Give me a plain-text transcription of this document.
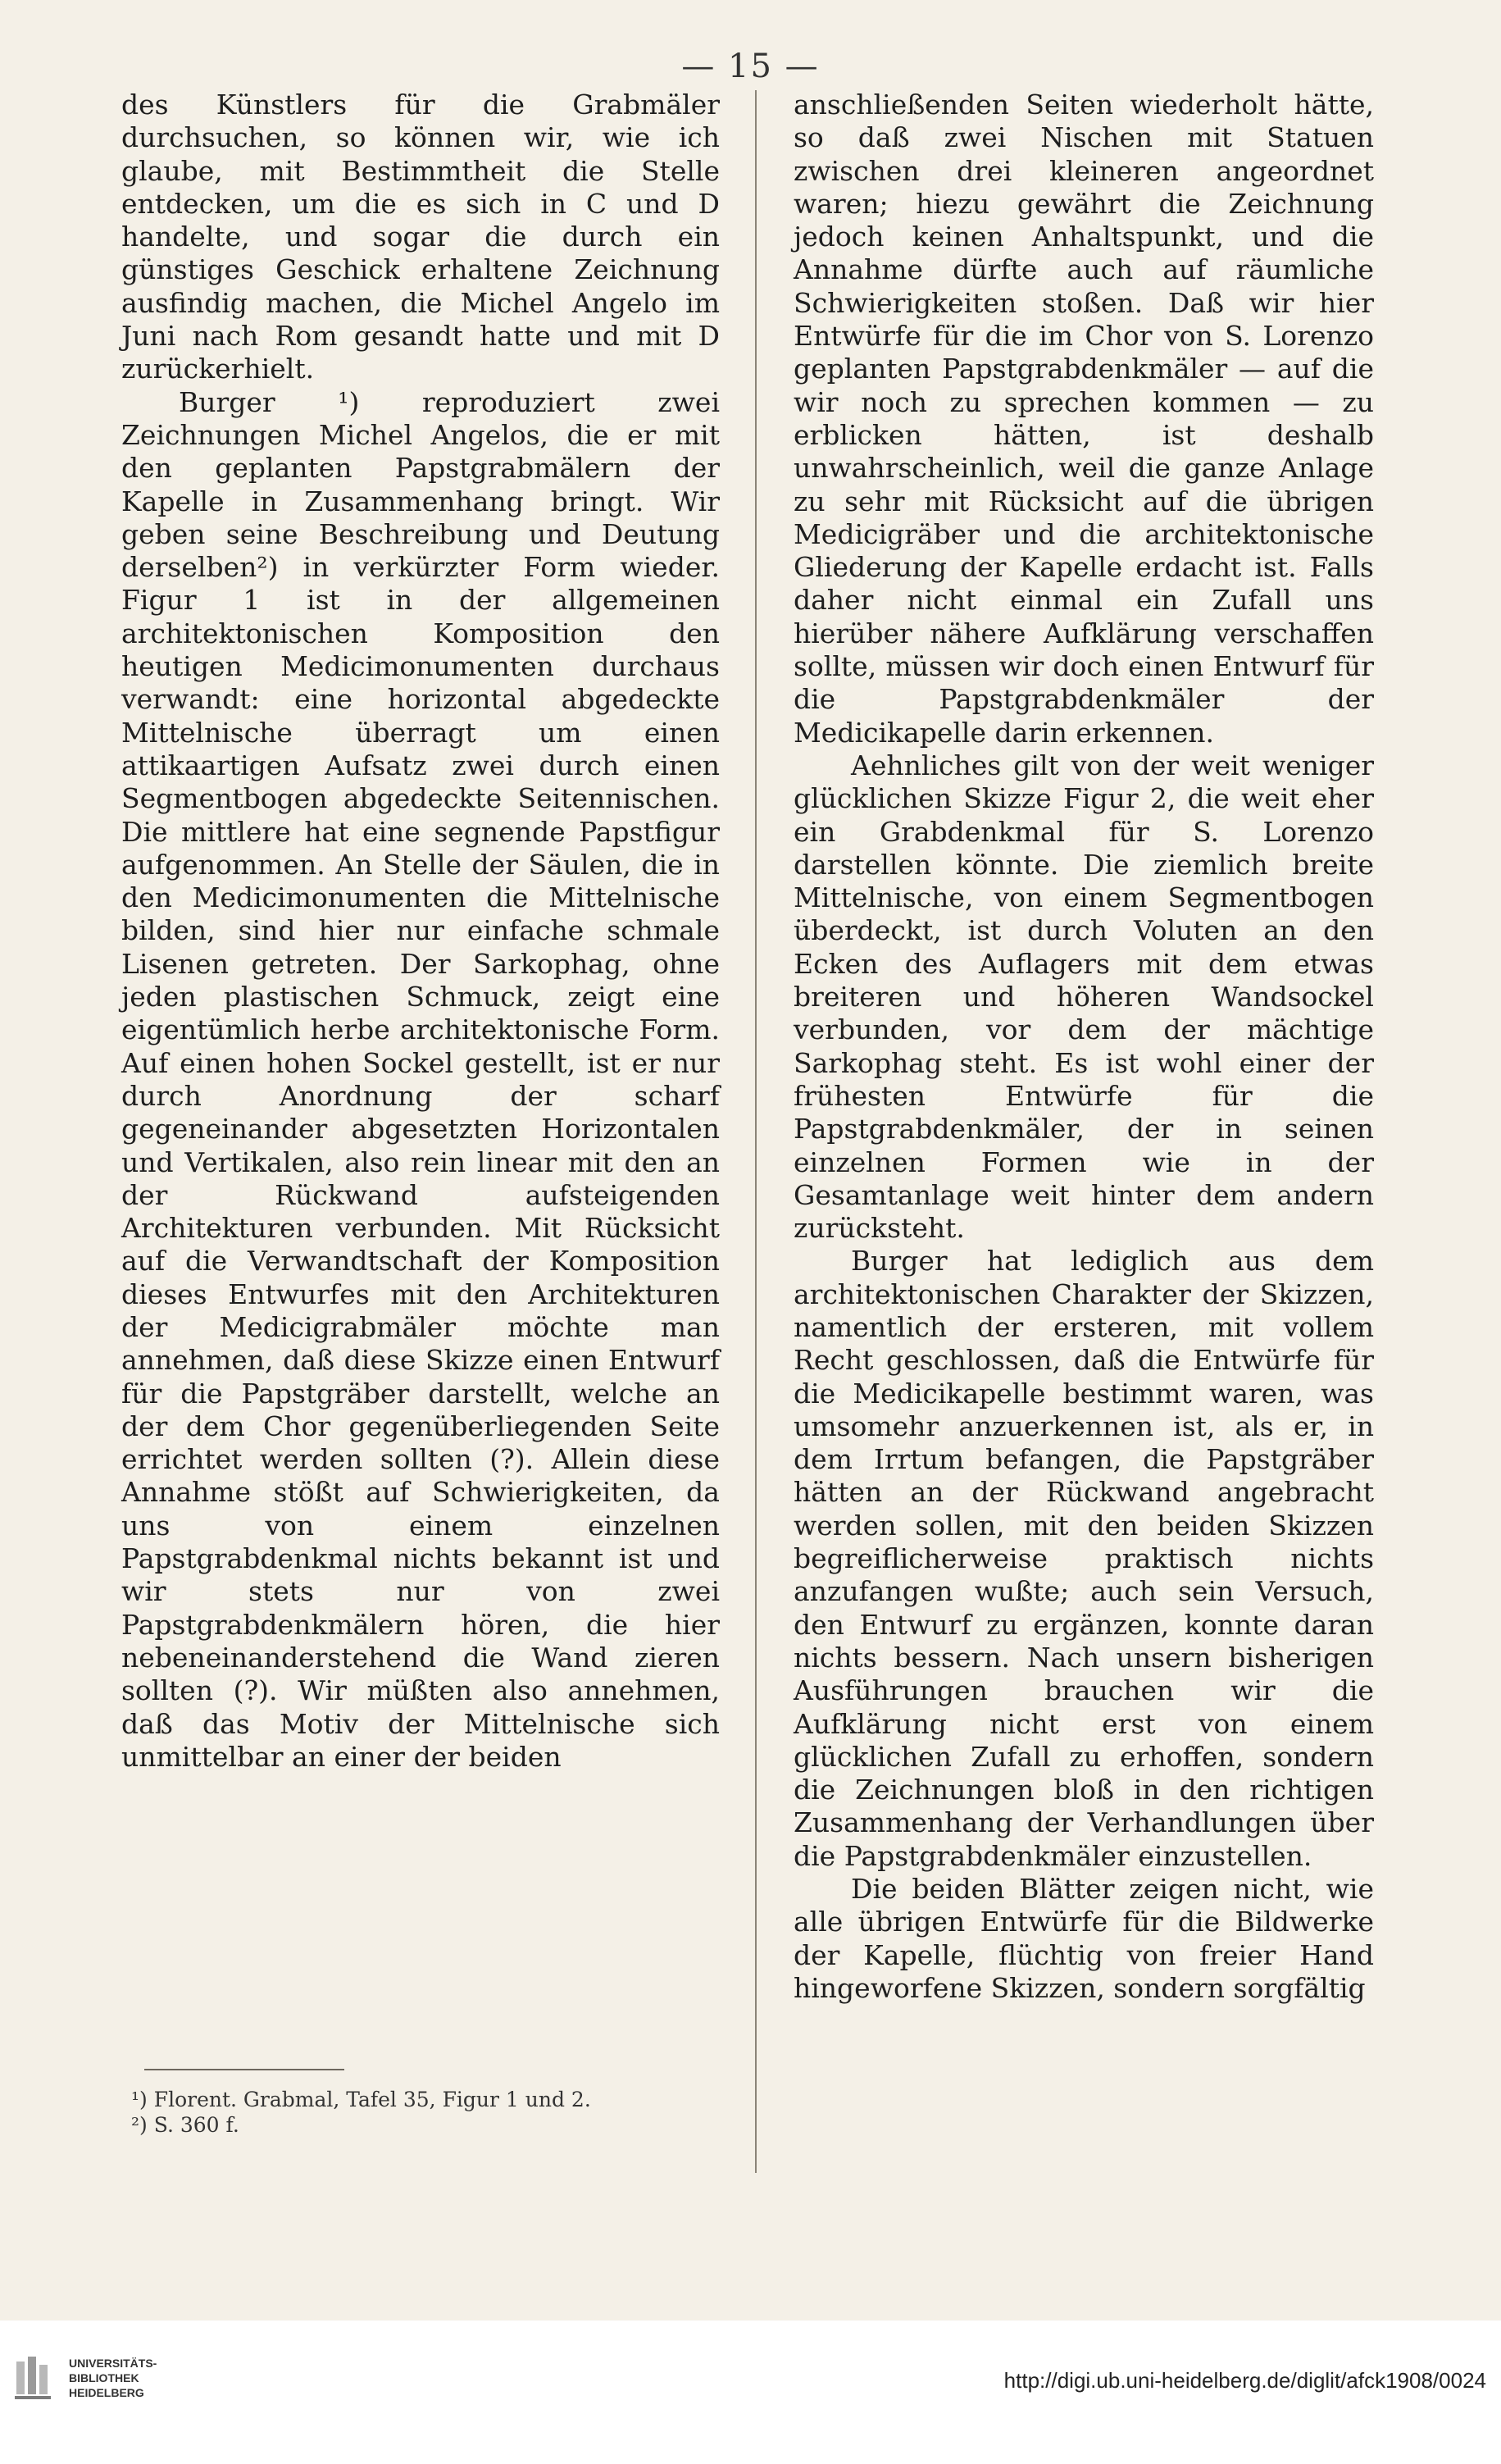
— 15 —

des Künstlers für die Grabmäler durchsuchen, so können wir, wie ich glaube, mit Bestimmtheit die Stelle entdecken, um die es sich in C und D handelte, und sogar die durch ein günstiges Geschick erhaltene Zeichnung ausfindig machen, die Michel Angelo im Juni nach Rom gesandt hatte und mit D zurückerhielt.

Burger ¹) reproduziert zwei Zeichnungen Michel Angelos, die er mit den geplanten Papstgrabmälern der Kapelle in Zusammenhang bringt. Wir geben seine Beschreibung und Deutung derselben²) in verkürzter Form wieder. Figur 1 ist in der allgemeinen architektonischen Komposition den heutigen Medicimonumenten durchaus verwandt: eine horizontal abgedeckte Mittelnische überragt um einen attikaartigen Aufsatz zwei durch einen Segmentbogen abgedeckte Seitennischen. Die mittlere hat eine segnende Papstfigur aufgenommen. An Stelle der Säulen, die in den Medicimonumenten die Mittelnische bilden, sind hier nur einfache schmale Lisenen getreten. Der Sarkophag, ohne jeden plastischen Schmuck, zeigt eine eigentümlich herbe architektonische Form. Auf einen hohen Sockel gestellt, ist er nur durch Anordnung der scharf gegeneinander abgesetzten Horizontalen und Vertikalen, also rein linear mit den an der Rückwand aufsteigenden Architekturen verbunden. Mit Rücksicht auf die Verwandtschaft der Komposition dieses Entwurfes mit den Architekturen der Medicigrabmäler möchte man annehmen, daß diese Skizze einen Entwurf für die Papstgräber darstellt, welche an der dem Chor gegenüberliegenden Seite errichtet werden sollten (?). Allein diese Annahme stößt auf Schwierigkeiten, da uns von einem einzelnen Papstgrabdenkmal nichts bekannt ist und wir stets nur von zwei Papstgrabdenkmälern hören, die hier nebeneinanderstehend die Wand zieren sollten (?). Wir müßten also annehmen, daß das Motiv der Mittelnische sich unmittelbar an einer der beiden

anschließenden Seiten wiederholt hätte, so daß zwei Nischen mit Statuen zwischen drei kleineren angeordnet waren; hiezu gewährt die Zeichnung jedoch keinen Anhaltspunkt, und die Annahme dürfte auch auf räumliche Schwierigkeiten stoßen. Daß wir hier Entwürfe für die im Chor von S. Lorenzo geplanten Papstgrabdenkmäler — auf die wir noch zu sprechen kommen — zu erblicken hätten, ist deshalb unwahrscheinlich, weil die ganze Anlage zu sehr mit Rücksicht auf die übrigen Medicigräber und die architektonische Gliederung der Kapelle erdacht ist. Falls daher nicht einmal ein Zufall uns hierüber nähere Aufklärung verschaffen sollte, müssen wir doch einen Entwurf für die Papstgrabdenkmäler der Medicikapelle darin erkennen.

Aehnliches gilt von der weit weniger glücklichen Skizze Figur 2, die weit eher ein Grabdenkmal für S. Lorenzo darstellen könnte. Die ziemlich breite Mittelnische, von einem Segmentbogen überdeckt, ist durch Voluten an den Ecken des Auflagers mit dem etwas breiteren und höheren Wandsockel verbunden, vor dem der mächtige Sarkophag steht. Es ist wohl einer der frühesten Entwürfe für die Papstgrabdenkmäler, der in seinen einzelnen Formen wie in der Gesamtanlage weit hinter dem andern zurücksteht.

Burger hat lediglich aus dem architektonischen Charakter der Skizzen, namentlich der ersteren, mit vollem Recht geschlossen, daß die Entwürfe für die Medicikapelle bestimmt waren, was umsomehr anzuerkennen ist, als er, in dem Irrtum befangen, die Papstgräber hätten an der Rückwand angebracht werden sollen, mit den beiden Skizzen begreiflicherweise praktisch nichts anzufangen wußte; auch sein Versuch, den Entwurf zu ergänzen, konnte daran nichts bessern. Nach unsern bisherigen Ausführungen brauchen wir die Aufklärung nicht erst von einem glücklichen Zufall zu erhoffen, sondern die Zeichnungen bloß in den richtigen Zusammenhang der Verhandlungen über die Papstgrabdenkmäler einzustellen.

Die beiden Blätter zeigen nicht, wie alle übrigen Entwürfe für die Bildwerke der Kapelle, flüchtig von freier Hand hingeworfene Skizzen, sondern sorgfältig

¹) Florent. Grabmal, Tafel 35, Figur 1 und 2.
²) S. 360 f.
UNIVERSITÄTS-
BIBLIOTHEK
HEIDELBERG	http://digi.ub.uni-heidelberg.de/diglit/afck1908/0024
